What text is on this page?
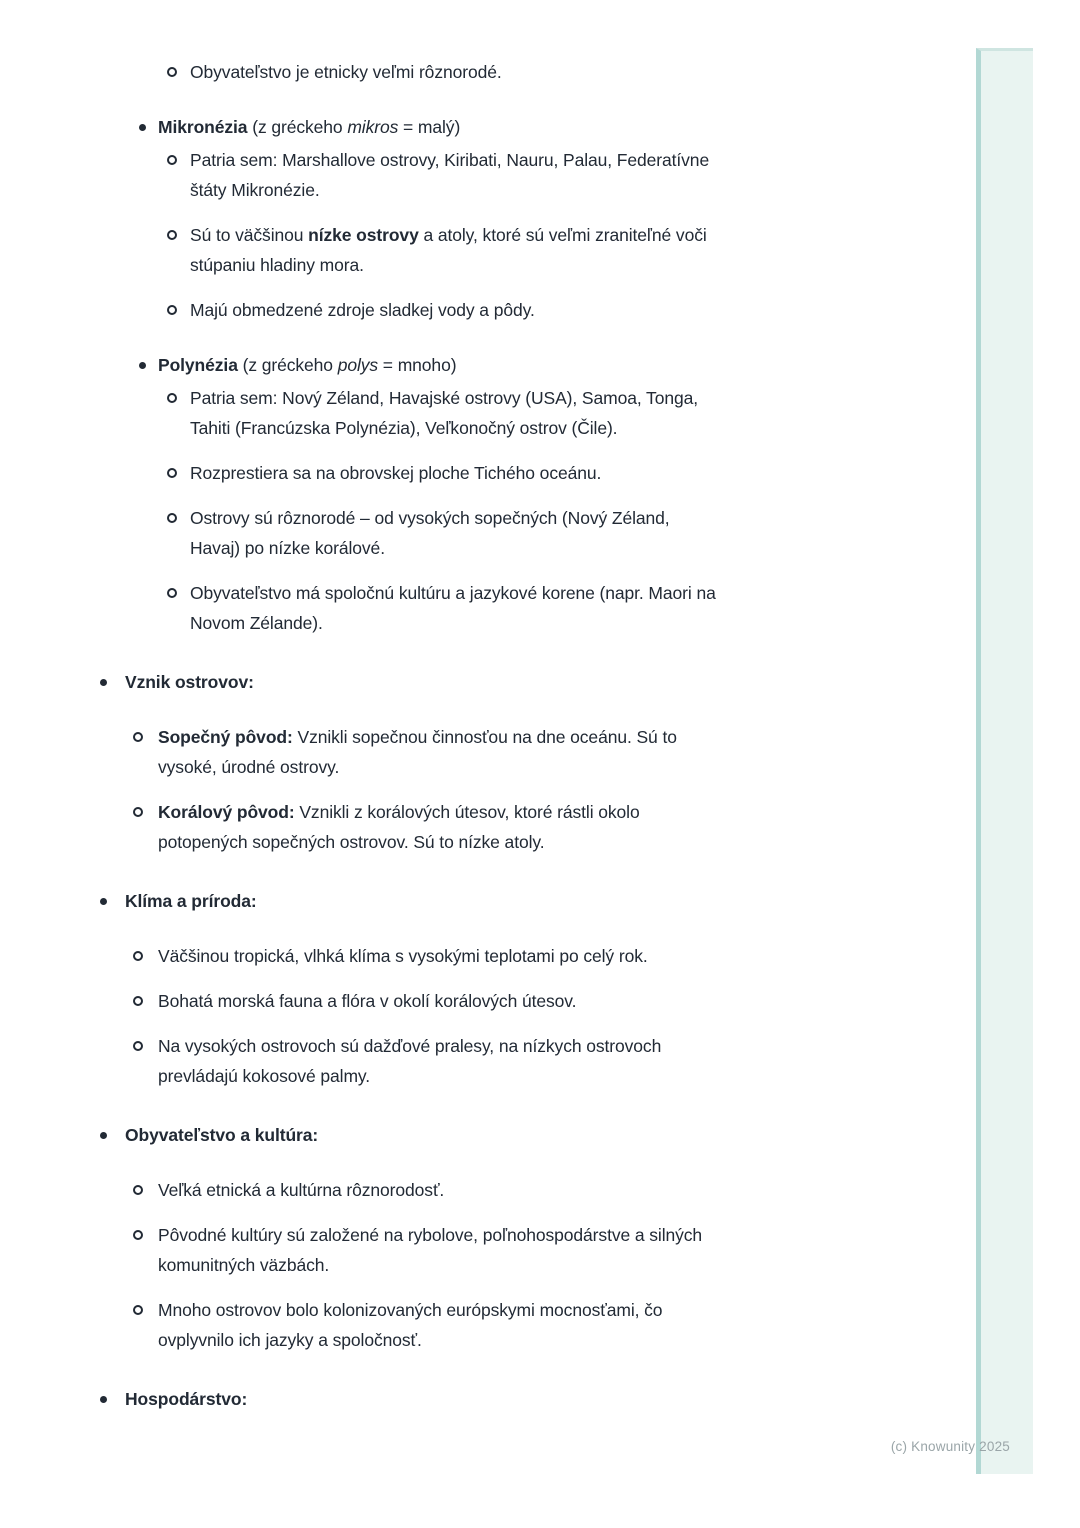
Obyvateľstvo je etnicky veľmi rôznorodé.
Mikronézia (z gréckeho mikros = malý)
Patria sem: Marshallove ostrovy, Kiribati, Nauru, Palau, Federatívne
štáty Mikronézie.
Sú to väčšinou nízke ostrovy a atoly, ktoré sú veľmi zraniteľné voči
stúpaniu hladiny mora.
Majú obmedzené zdroje sladkej vody a pôdy.
Polynézia (z gréckeho polys = mnoho)
Patria sem: Nový Zéland, Havajské ostrovy (USA), Samoa, Tonga,
Tahiti (Francúzska Polynézia), Veľkonočný ostrov (Čile).
Rozprestiera sa na obrovskej ploche Tichého oceánu.
Ostrovy sú rôznorodé – od vysokých sopečných (Nový Zéland,
Havaj) po nízke korálové.
Obyvateľstvo má spoločnú kultúru a jazykové korene (napr. Maori na
Novom Zélande).
Vznik ostrovov:
Sopečný pôvod: Vznikli sopečnou činnosťou na dne oceánu. Sú to
vysoké, úrodné ostrovy.
Korálový pôvod: Vznikli z korálových útesov, ktoré rástli okolo
potopených sopečných ostrovov. Sú to nízke atoly.
Klíma a príroda:
Väčšinou tropická, vlhká klíma s vysokými teplotami po celý rok.
Bohatá morská fauna a flóra v okolí korálových útesov.
Na vysokých ostrovoch sú dažďové pralesy, na nízkych ostrovoch
prevládajú kokosové palmy.
Obyvateľstvo a kultúra:
Veľká etnická a kultúrna rôznorodosť.
Pôvodné kultúry sú založené na rybolove, poľnohospodárstve a silných
komunitných väzbách.
Mnoho ostrovov bolo kolonizovaných európskymi mocnosťami, čo
ovplyvnilo ich jazyky a spoločnosť.
Hospodárstvo:
(c) Knowunity 2025
